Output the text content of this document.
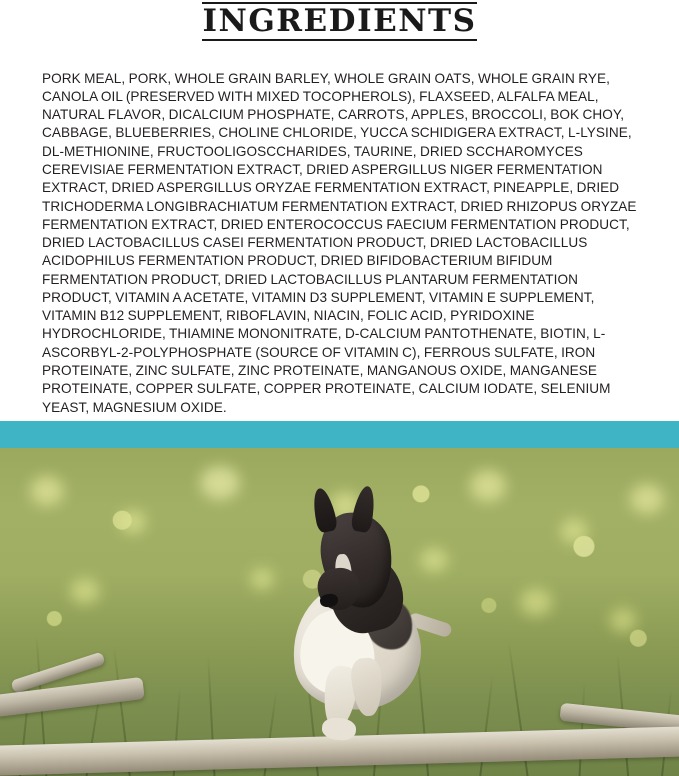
INGREDIENTS
PORK MEAL, PORK, WHOLE GRAIN BARLEY, WHOLE GRAIN OATS, WHOLE GRAIN RYE, CANOLA OIL (PRESERVED WITH MIXED TOCOPHEROLS), FLAXSEED, ALFALFA MEAL, NATURAL FLAVOR, DICALCIUM PHOSPHATE, CARROTS, APPLES, BROCCOLI, BOK CHOY, CABBAGE, BLUEBERRIES, CHOLINE CHLORIDE, YUCCA SCHIDIGERA EXTRACT, L-LYSINE, DL-METHIONINE, FRUCTOOLIGOSCCHARIDES, TAURINE, DRIED SCCHAROMYCES CEREVISIAE FERMENTATION EXTRACT, DRIED ASPERGILLUS NIGER FERMENTATION EXTRACT, DRIED ASPERGILLUS ORYZAE FERMENTATION EXTRACT, PINEAPPLE, DRIED TRICHODERMA LONGIBRACHIATUM FERMENTATION EXTRACT, DRIED RHIZOPUS ORYZAE FERMENTATION EXTRACT, DRIED ENTEROCOCCUS FAECIUM FERMENTATION PRODUCT, DRIED LACTOBACILLUS CASEI FERMENTATION PRODUCT, DRIED LACTOBACILLUS ACIDOPHILUS FERMENTATION PRODUCT, DRIED BIFIDOBACTERIUM BIFIDUM FERMENTATION PRODUCT, DRIED LACTOBACILLUS PLANTARUM FERMENTATION PRODUCT, VITAMIN A ACETATE, VITAMIN D3 SUPPLEMENT, VITAMIN E SUPPLEMENT, VITAMIN B12 SUPPLEMENT, RIBOFLAVIN, NIACIN, FOLIC ACID, PYRIDOXINE HYDROCHLORIDE, THIAMINE MONONITRATE, D-CALCIUM PANTOTHENATE, BIOTIN, L-ASCORBYL-2-POLYPHOSPHATE (SOURCE OF VITAMIN C), FERROUS SULFATE, IRON PROTEINATE, ZINC SULFATE, ZINC PROTEINATE, MANGANOUS OXIDE, MANGANESE PROTEINATE, COPPER SULFATE, COPPER PROTEINATE, CALCIUM IODATE, SELENIUM YEAST, MAGNESIUM OXIDE.
